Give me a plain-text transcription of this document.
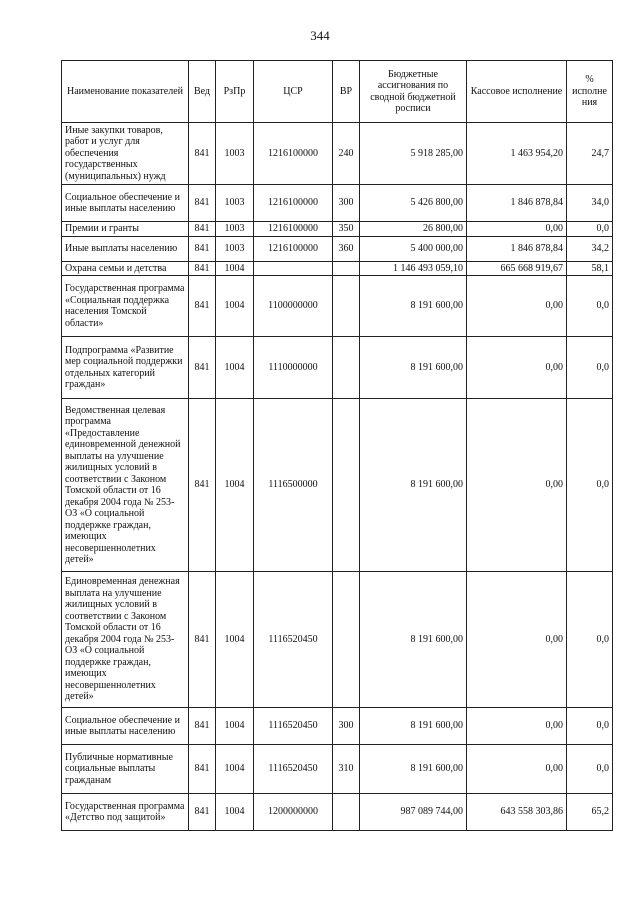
344
Наименование показателей	Вед	РзПр	ЦСР	ВР	Бюджетные ассигнования по сводной бюджетной росписи	Кассовое исполнение	% исполне ния
Иные закупки товаров, работ и услуг для обеспечения государственных (муниципальных) нужд	841	1003	1216100000	240	5 918 285,00	1 463 954,20	24,7
Социальное обеспечение и иные выплаты населению	841	1003	1216100000	300	5 426 800,00	1 846 878,84	34,0
Премии и гранты	841	1003	1216100000	350	26 800,00	0,00	0,0
Иные выплаты населению	841	1003	1216100000	360	5 400 000,00	1 846 878,84	34,2
Охрана семьи и детства	841	1004			1 146 493 059,10	665 668 919,67	58,1
Государственная программа «Социальная поддержка населения Томской области»	841	1004	1100000000		8 191 600,00	0,00	0,0
Подпрограмма «Развитие мер социальной поддержки отдельных категорий граждан»	841	1004	1110000000		8 191 600,00	0,00	0,0
Ведомственная целевая программа «Предоставление единовременной денежной выплаты на улучшение жилищных условий в соответствии с Законом Томской области от 16 декабря 2004 года № 253-ОЗ «О социальной поддержке граждан, имеющих несовершеннолетних детей»	841	1004	1116500000		8 191 600,00	0,00	0,0
Единовременная денежная выплата на улучшение жилищных условий в соответствии с Законом Томской области от 16 декабря 2004 года № 253-ОЗ «О социальной поддержке граждан, имеющих несовершеннолетних детей»	841	1004	1116520450		8 191 600,00	0,00	0,0
Социальное обеспечение и иные выплаты населению	841	1004	1116520450	300	8 191 600,00	0,00	0,0
Публичные нормативные социальные выплаты гражданам	841	1004	1116520450	310	8 191 600,00	0,00	0,0
Государственная программа «Детство под защитой»	841	1004	1200000000		987 089 744,00	643 558 303,86	65,2
